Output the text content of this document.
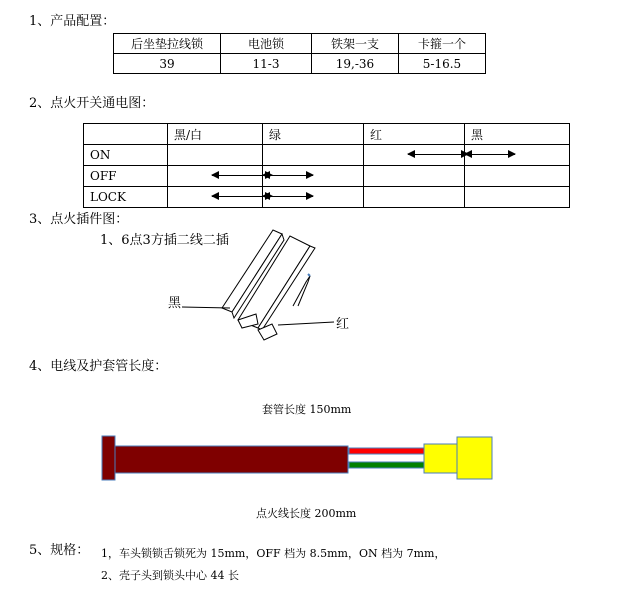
1、产品配置：
后坐垫拉线锁	电池锁	铁架一支	卡箍一个
39	11-3	19,-36	5-16.5
2、点火开关通电图：
	黑/白	绿	红	黑
ON			

OFF	

LOCK	

3、点火插件图：
1、6点3方插二线二插
黑
红
4、电线及护套管长度：
套管长度 150mm
点火线长度 200mm
5、规格： 1，车头锁锁舌锁死为 15mm，OFF 档为 8.5mm，ON 档为 7mm，
2、壳子头到锁头中心 44 长
